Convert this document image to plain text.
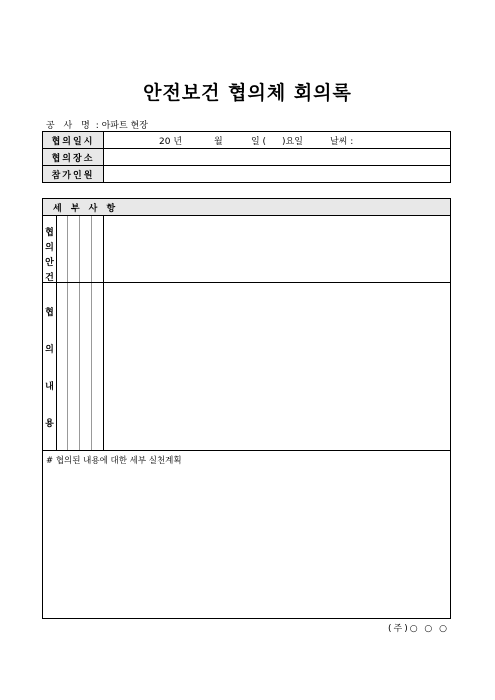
안전보건 협의체 회의록
공 사 명 : 아파트 현장
협의일시	20 년 월 일 ( )요일 날씨 :

협의장소	
참가인원	
세 부 사 항
협
의
안
건
협
의
내
용
# 협의된 내용에 대한 세부 실천계획
(주)○ ○ ○
